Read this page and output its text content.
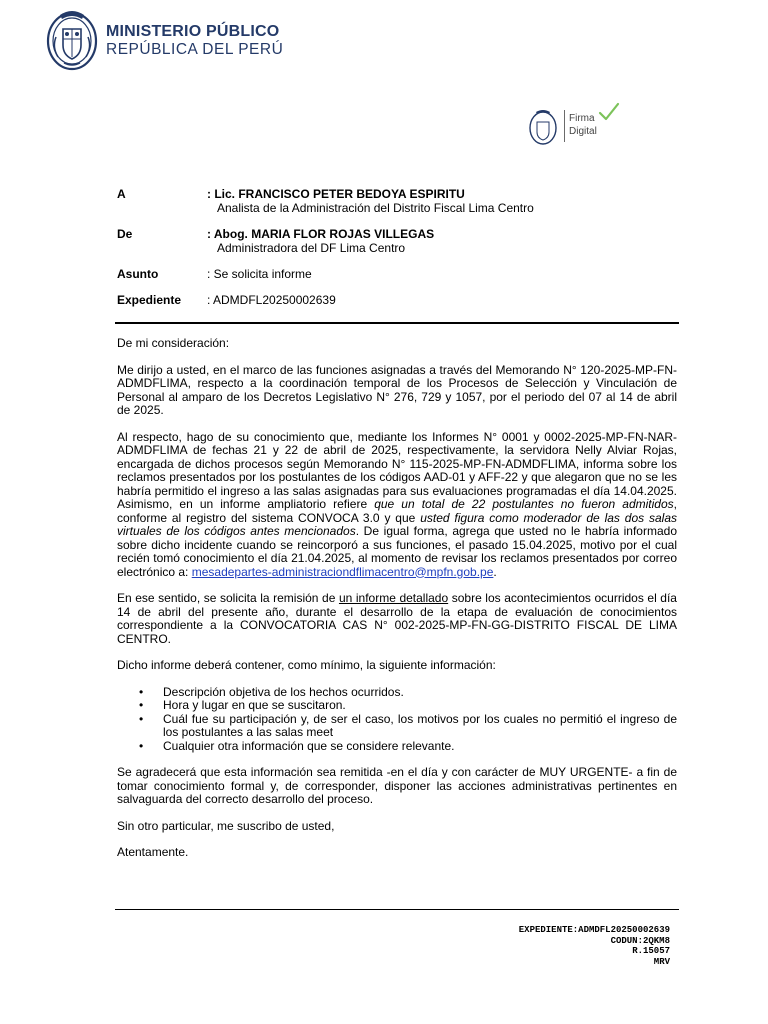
MINISTERIO PÚBLICO
REPÚBLICA DEL PERÚ
Firma
Digital
A	: Lic. FRANCISCO PETER BEDOYA ESPIRITU
Analista de la Administración del Distrito Fiscal Lima Centro
De	: Abog. MARIA FLOR ROJAS VILLEGAS
Administradora del DF Lima Centro
Asunto	: Se solicita informe
Expediente : ADMDFL20250002639

De mi consideración:

Me dirijo a usted, en el marco de las funciones asignadas a través del Memorando N° 120-2025-MP-FN-ADMDFLIMA, respecto a la coordinación temporal de los Procesos de Selección y Vinculación de Personal al amparo de los Decretos Legislativo N° 276, 729 y 1057, por el periodo del 07 al 14 de abril de 2025.

Al respecto, hago de su conocimiento que, mediante los Informes N° 0001 y 0002-2025-MP-FN-NAR-ADMDFLIMA de fechas 21 y 22 de abril de 2025, respectivamente, la servidora Nelly Alviar Rojas, encargada de dichos procesos según Memorando N° 115-2025-MP-FN-ADMDFLIMA, informa sobre los reclamos presentados por los postulantes de los códigos AAD-01 y AFF-22 y que alegaron que no se les habría permitido el ingreso a las salas asignadas para sus evaluaciones programadas el día 14.04.2025. Asimismo, en un informe ampliatorio refiere que un total de 22 postulantes no fueron admitidos, conforme al registro del sistema CONVOCA 3.0 y que usted figura como moderador de las dos salas virtuales de los códigos antes mencionados. De igual forma, agrega que usted no le habría informado sobre dicho incidente cuando se reincorporó a sus funciones, el pasado 15.04.2025, motivo por el cual recién tomó conocimiento el día 21.04.2025, al momento de revisar los reclamos presentados por correo electrónico a: mesadepartes-administraciondflimacentro@mpfn.gob.pe.

En ese sentido, se solicita la remisión de un informe detallado sobre los acontecimientos ocurridos el día 14 de abril del presente año, durante el desarrollo de la etapa de evaluación de conocimientos correspondiente a la CONVOCATORIA CAS N° 002-2025-MP-FN-GG-DISTRITO FISCAL DE LIMA CENTRO.

Dicho informe deberá contener, como mínimo, la siguiente información:

• Descripción objetiva de los hechos ocurridos.
• Hora y lugar en que se suscitaron.
• Cuál fue su participación y, de ser el caso, los motivos por los cuales no permitió el ingreso de los postulantes a las salas meet
• Cualquier otra información que se considere relevante.

Se agradecerá que esta información sea remitida -en el día y con carácter de MUY URGENTE- a fin de tomar conocimiento formal y, de corresponder, disponer las acciones administrativas pertinentes en salvaguarda del correcto desarrollo del proceso.

Sin otro particular, me suscribo de usted,

Atentamente.

EXPEDIENTE:ADMDFL20250002639
CODUN:2QKM8
R.15057
MRV
